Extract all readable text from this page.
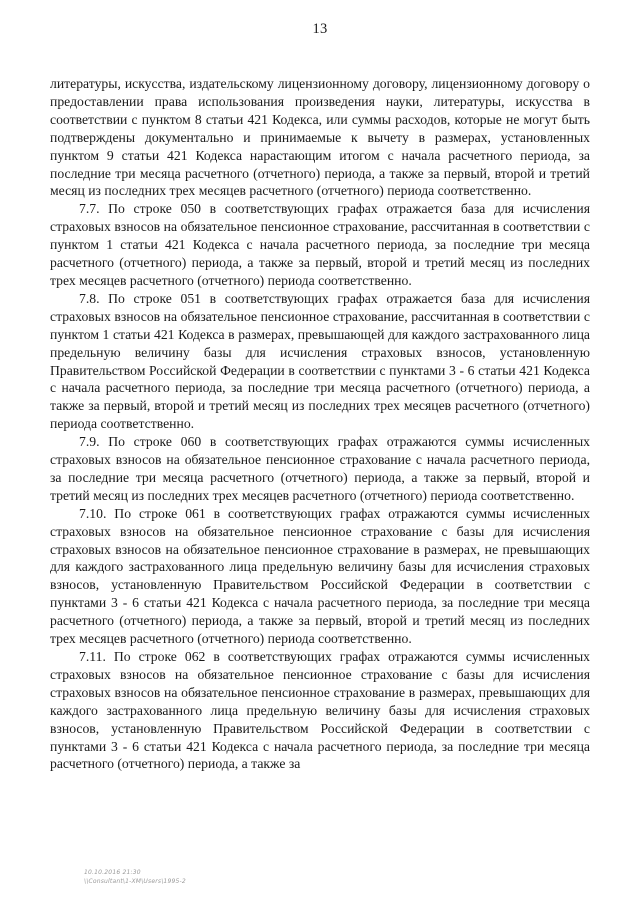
13

литературы, искусства, издательскому лицензионному договору, лицензионному договору о предоставлении права использования произведения науки, литературы, искусства в соответствии с пунктом 8 статьи 421 Кодекса, или суммы расходов, которые не могут быть подтверждены документально и принимаемые к вычету в размерах, установленных пунктом 9 статьи 421 Кодекса нарастающим итогом с начала расчетного периода, за последние три месяца расчетного (отчетного) периода, а также за первый, второй и третий месяц из последних трех месяцев расчетного (отчетного) периода соответственно.

7.7. По строке 050 в соответствующих графах отражается база для исчисления страховых взносов на обязательное пенсионное страхование, рассчитанная в соответствии с пунктом 1 статьи 421 Кодекса с начала расчетного периода, за последние три месяца расчетного (отчетного) периода, а также за первый, второй и третий месяц из последних трех месяцев расчетного (отчетного) периода соответственно.

7.8. По строке 051 в соответствующих графах отражается база для исчисления страховых взносов на обязательное пенсионное страхование, рассчитанная в соответствии с пунктом 1 статьи 421 Кодекса в размерах, превышающей для каждого застрахованного лица предельную величину базы для исчисления страховых взносов, установленную Правительством Российской Федерации в соответствии с пунктами 3 - 6 статьи 421 Кодекса с начала расчетного периода, за последние три месяца расчетного (отчетного) периода, а также за первый, второй и третий месяц из последних трех месяцев расчетного (отчетного) периода соответственно.

7.9. По строке 060 в соответствующих графах отражаются суммы исчисленных страховых взносов на обязательное пенсионное страхование с начала расчетного периода, за последние три месяца расчетного (отчетного) периода, а также за первый, второй и третий месяц из последних трех месяцев расчетного (отчетного) периода соответственно.

7.10. По строке 061 в соответствующих графах отражаются суммы исчисленных страховых взносов на обязательное пенсионное страхование с базы для исчисления страховых взносов на обязательное пенсионное страхование в размерах, не превышающих для каждого застрахованного лица предельную величину базы для исчисления страховых взносов, установленную Правительством Российской Федерации в соответствии с пунктами 3 - 6 статьи 421 Кодекса с начала расчетного периода, за последние три месяца расчетного (отчетного) периода, а также за первый, второй и третий месяц из последних трех месяцев расчетного (отчетного) периода соответственно.

7.11. По строке 062 в соответствующих графах отражаются суммы исчисленных страховых взносов на обязательное пенсионное страхование с базы для исчисления страховых взносов на обязательное пенсионное страхование в размерах, превышающих для каждого застрахованного лица предельную величину базы для исчисления страховых взносов, установленную Правительством Российской Федерации в соответствии с пунктами 3 - 6 статьи 421 Кодекса с начала расчетного периода, за последние три месяца расчетного (отчетного) периода, а также за

10.10.2016 21:30
\\Consultant\1-ХМ\Users\1995-2
